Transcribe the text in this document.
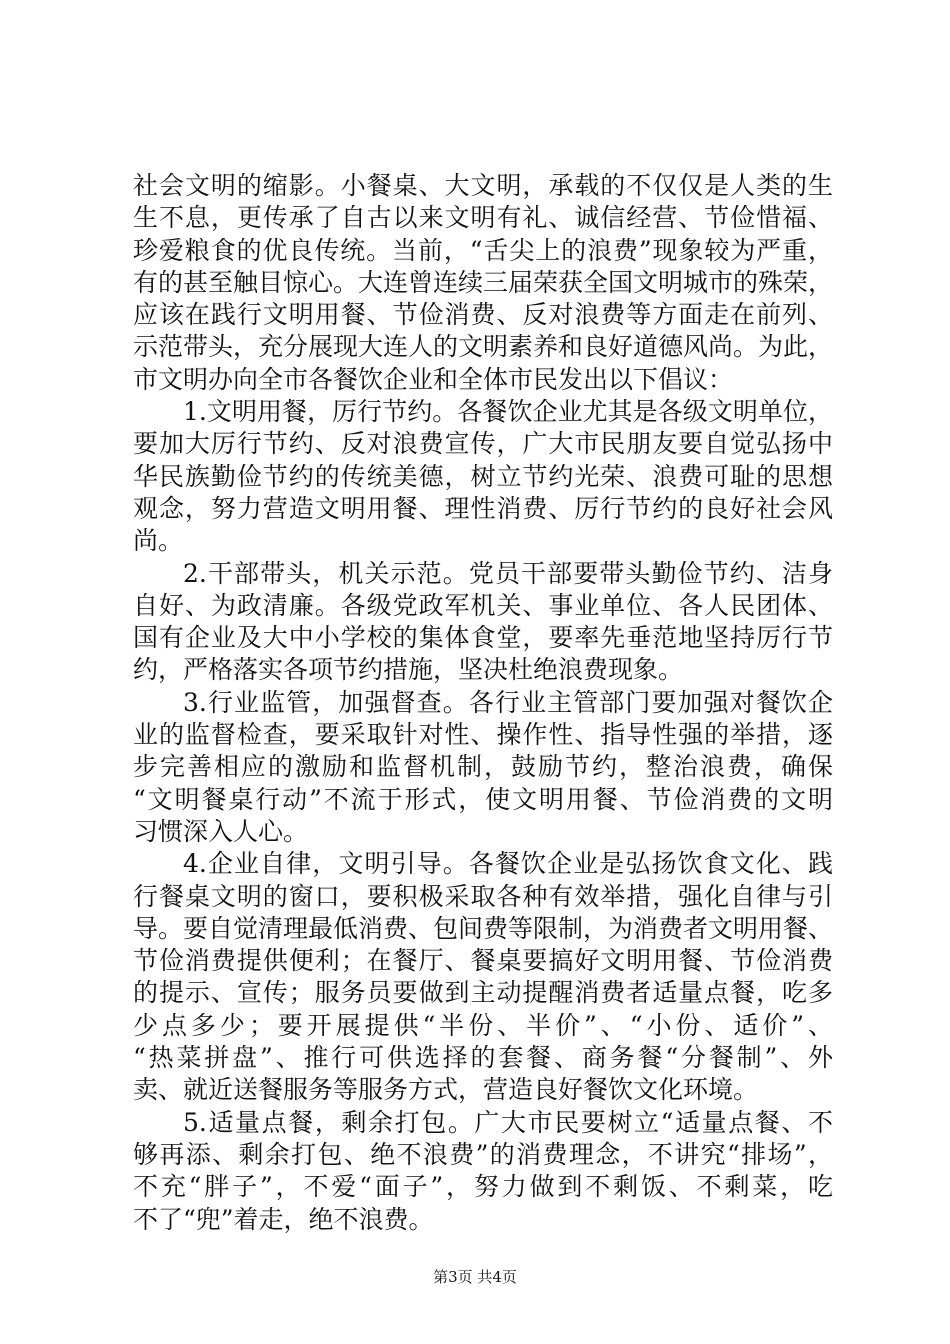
社会文明的缩影。小餐桌、大文明，承载的不仅仅是人类的生
生不息，更传承了自古以来文明有礼、诚信经营、节俭惜福、
珍爱粮食的优良传统。当前，“舌尖上的浪费”现象较为严重，
有的甚至触目惊心。大连曾连续三届荣获全国文明城市的殊荣，
应该在践行文明用餐、节俭消费、反对浪费等方面走在前列、
示范带头，充分展现大连人的文明素养和良好道德风尚。为此，
市文明办向全市各餐饮企业和全体市民发出以下倡议：
1.文明用餐，厉行节约。各餐饮企业尤其是各级文明单位，
要加大厉行节约、反对浪费宣传，广大市民朋友要自觉弘扬中
华民族勤俭节约的传统美德，树立节约光荣、浪费可耻的思想
观念，努力营造文明用餐、理性消费、厉行节约的良好社会风
尚。
2.干部带头，机关示范。党员干部要带头勤俭节约、洁身
自好、为政清廉。各级党政军机关、事业单位、各人民团体、
国有企业及大中小学校的集体食堂，要率先垂范地坚持厉行节
约，严格落实各项节约措施，坚决杜绝浪费现象。
3.行业监管，加强督查。各行业主管部门要加强对餐饮企
业的监督检查，要采取针对性、操作性、指导性强的举措，逐
步完善相应的激励和监督机制，鼓励节约，整治浪费，确保
“文明餐桌行动”不流于形式，使文明用餐、节俭消费的文明
习惯深入人心。
4.企业自律，文明引导。各餐饮企业是弘扬饮食文化、践
行餐桌文明的窗口，要积极采取各种有效举措，强化自律与引
导。要自觉清理最低消费、包间费等限制，为消费者文明用餐、
节俭消费提供便利；在餐厅、餐桌要搞好文明用餐、节俭消费
的提示、宣传；服务员要做到主动提醒消费者适量点餐，吃多
少点多少；要开展提供“半份、半价”、“小份、适价”、
“热菜拼盘”、推行可供选择的套餐、商务餐“分餐制”、外
卖、就近送餐服务等服务方式，营造良好餐饮文化环境。
5.适量点餐，剩余打包。广大市民要树立“适量点餐、不
够再添、剩余打包、绝不浪费”的消费理念，不讲究“排场”，
不充“胖子”，不爱“面子”，努力做到不剩饭、不剩菜，吃
不了“兜”着走，绝不浪费。
第3页 共4页
